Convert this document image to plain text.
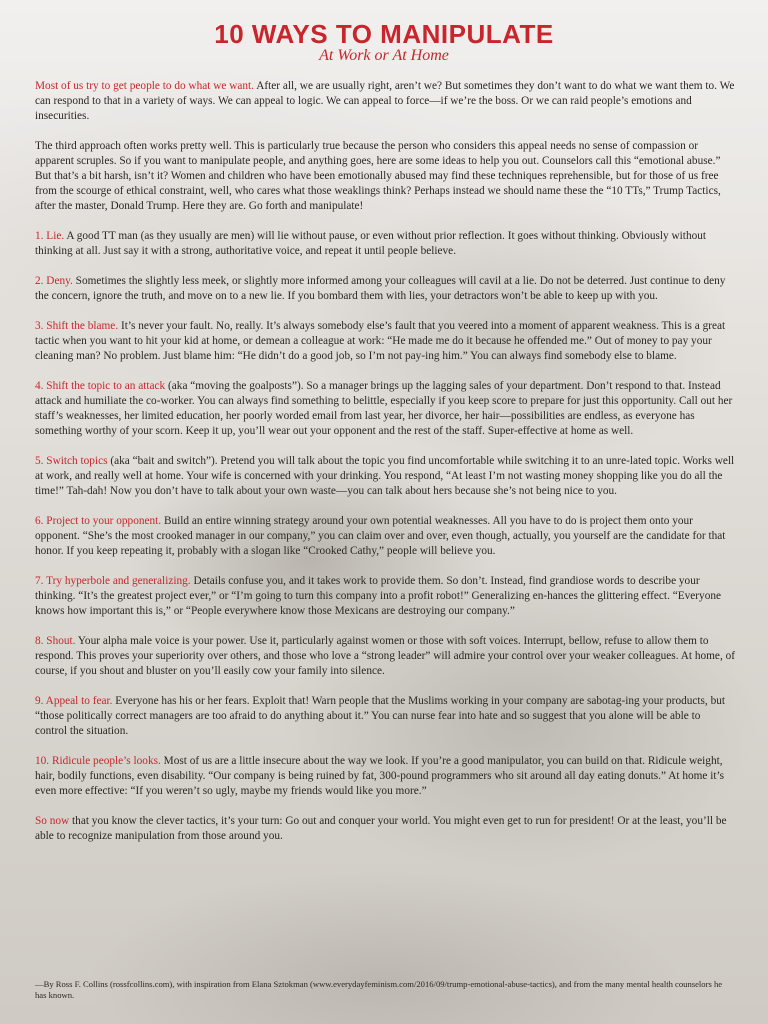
10 WAYS TO MANIPULATE
At Work or At Home

Most of us try to get people to do what we want. After all, we are usually right, aren’t we? But sometimes they don’t want to do what we want them to. We can respond to that in a variety of ways. We can appeal to logic. We can appeal to force—if we’re the boss. Or we can raid people’s emotions and insecurities.

The third approach often works pretty well. This is particularly true because the person who considers this appeal needs no sense of compassion or apparent scruples. So if you want to manipulate people, and anything goes, here are some ideas to help you out. Counselors call this “emotional abuse.” But that’s a bit harsh, isn’t it? Women and children who have been emotionally abused may find these techniques reprehensible, but for those of us free from the scourge of ethical constraint, well, who cares what those weaklings think? Perhaps instead we should name these the “10 TTs,” Trump Tactics, after the master, Donald Trump. Here they are. Go forth and manipulate!

1. Lie. A good TT man (as they usually are men) will lie without pause, or even without prior reflection. It goes without thinking. Obviously without thinking at all. Just say it with a strong, authoritative voice, and repeat it until people believe.

2. Deny. Sometimes the slightly less meek, or slightly more informed among your colleagues will cavil at a lie. Do not be deterred. Just continue to deny the concern, ignore the truth, and move on to a new lie. If you bombard them with lies, your detractors won’t be able to keep up with you.

3. Shift the blame. It’s never your fault. No, really. It’s always somebody else’s fault that you veered into a moment of apparent weakness. This is a great tactic when you want to hit your kid at home, or demean a colleague at work: “He made me do it because he offended me.” Out of money to pay your cleaning man? No problem. Just blame him: “He didn’t do a good job, so I’m not pay-ing him.” You can always find somebody else to blame.

4. Shift the topic to an attack (aka “moving the goalposts”). So a manager brings up the lagging sales of your department. Don’t respond to that. Instead attack and humiliate the co-worker. You can always find something to belittle, especially if you keep score to prepare for just this opportunity. Call out her staff’s weaknesses, her limited education, her poorly worded email from last year, her divorce, her hair—possibilities are endless, as everyone has something worthy of your scorn. Keep it up, you’ll wear out your opponent and the rest of the staff. Super-effective at home as well.

5. Switch topics (aka “bait and switch”). Pretend you will talk about the topic you find uncomfortable while switching it to an unre-lated topic. Works well at work, and really well at home. Your wife is concerned with your drinking. You respond, “At least I’m not wasting money shopping like you do all the time!” Tah-dah! Now you don’t have to talk about your own waste—you can talk about hers because she’s not being nice to you.

6. Project to your opponent. Build an entire winning strategy around your own potential weaknesses. All you have to do is project them onto your opponent. “She’s the most crooked manager in our company,” you can claim over and over, even though, actually, you yourself are the candidate for that honor. If you keep repeating it, probably with a slogan like “Crooked Cathy,” people will believe you.

7. Try hyperbole and generalizing. Details confuse you, and it takes work to provide them. So don’t. Instead, find grandiose words to describe your thinking. “It’s the greatest project ever,” or “I’m going to turn this company into a profit robot!” Generalizing en-hances the glittering effect. “Everyone knows how important this is,” or “People everywhere know those Mexicans are destroying our company.”

8. Shout. Your alpha male voice is your power. Use it, particularly against women or those with soft voices. Interrupt, bellow, refuse to allow them to respond. This proves your superiority over others, and those who love a “strong leader” will admire your control over your weaker colleagues. At home, of course, if you shout and bluster on you’ll easily cow your family into silence.

9. Appeal to fear. Everyone has his or her fears. Exploit that! Warn people that the Muslims working in your company are sabotag-ing your products, but “those politically correct managers are too afraid to do anything about it.” You can nurse fear into hate and so suggest that you alone will be able to control the situation.

10. Ridicule people’s looks. Most of us are a little insecure about the way we look. If you’re a good manipulator, you can build on that. Ridicule weight, hair, bodily functions, even disability. “Our company is being ruined by fat, 300-pound programmers who sit around all day eating donuts.” At home it’s even more effective: “If you weren’t so ugly, maybe my friends would like you more.”

So now that you know the clever tactics, it’s your turn: Go out and conquer your world. You might even get to run for president! Or at the least, you’ll be able to recognize manipulation from those around you.

—By Ross F. Collins (rossfcollins.com), with inspiration from Elana Sztokman (www.everydayfeminism.com/2016/09/trump-emotional-abuse-tactics), and from the many mental health counselors he has known.
